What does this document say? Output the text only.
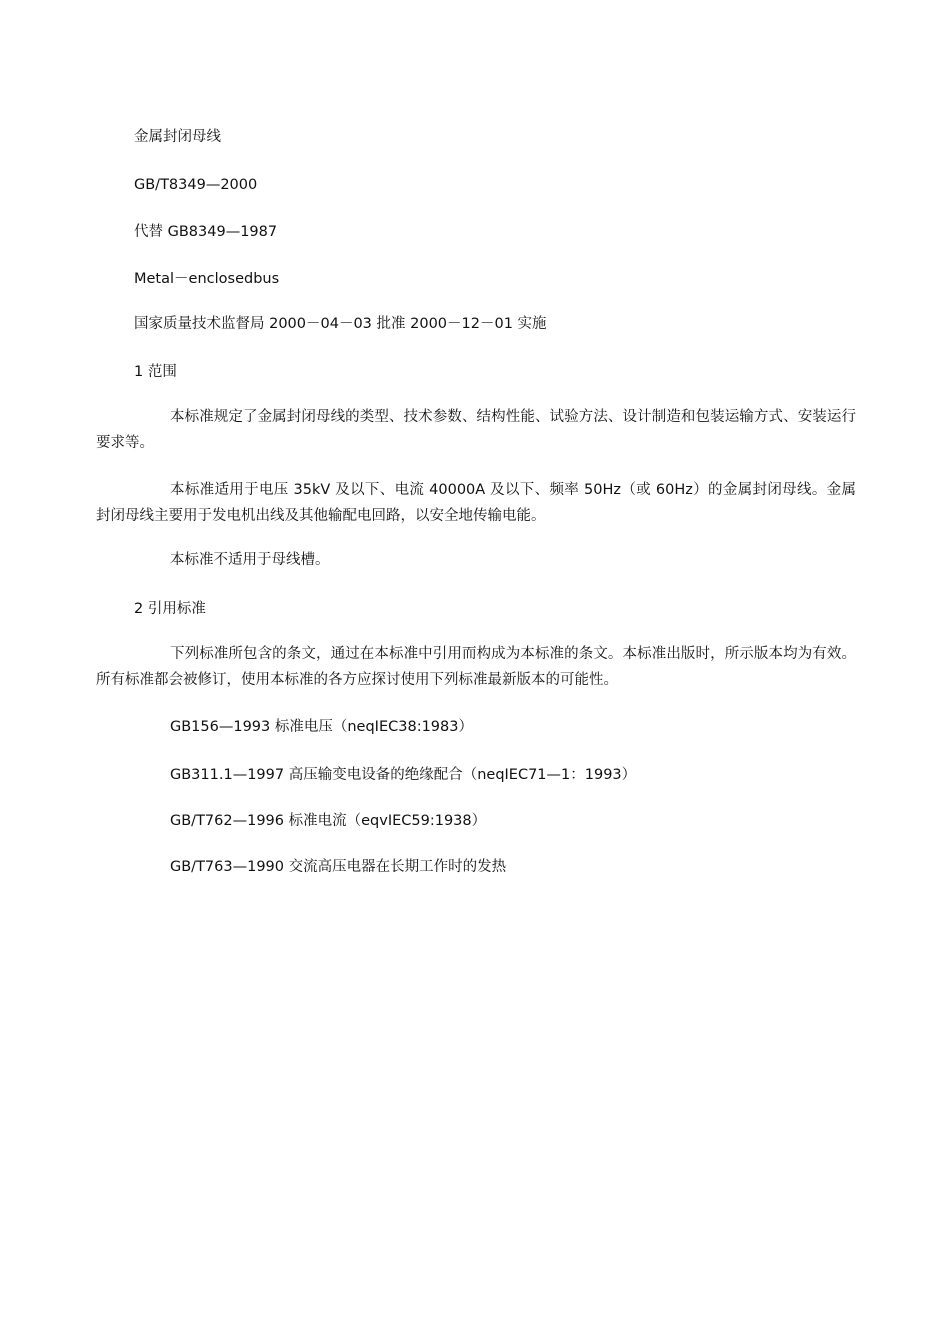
金属封闭母线
GB/T8349—2000
代替 GB8349—1987
Metal－enclosedbus
国家质量技术监督局 2000－04－03 批准 2000－12－01 实施
1 范围
本标准规定了金属封闭母线的类型、技术参数、结构性能、试验方法、设计制造和包装运输方式、安装运行要求等。
本标准适用于电压 35kV 及以下、电流 40000A 及以下、频率 50Hz（或 60Hz）的金属封闭母线。金属封闭母线主要用于发电机出线及其他输配电回路，以安全地传输电能。
本标准不适用于母线槽。
2 引用标准
下列标准所包含的条文，通过在本标准中引用而构成为本标准的条文。本标准出版时，所示版本均为有效。所有标准都会被修订，使用本标准的各方应探讨使用下列标准最新版本的可能性。
GB156—1993 标准电压（neqIEC38:1983）
GB311.1—1997 高压输变电设备的绝缘配合（neqIEC71—1：1993）
GB/T762—1996 标准电流（eqvIEC59:1938）
GB/T763—1990 交流高压电器在长期工作时的发热
